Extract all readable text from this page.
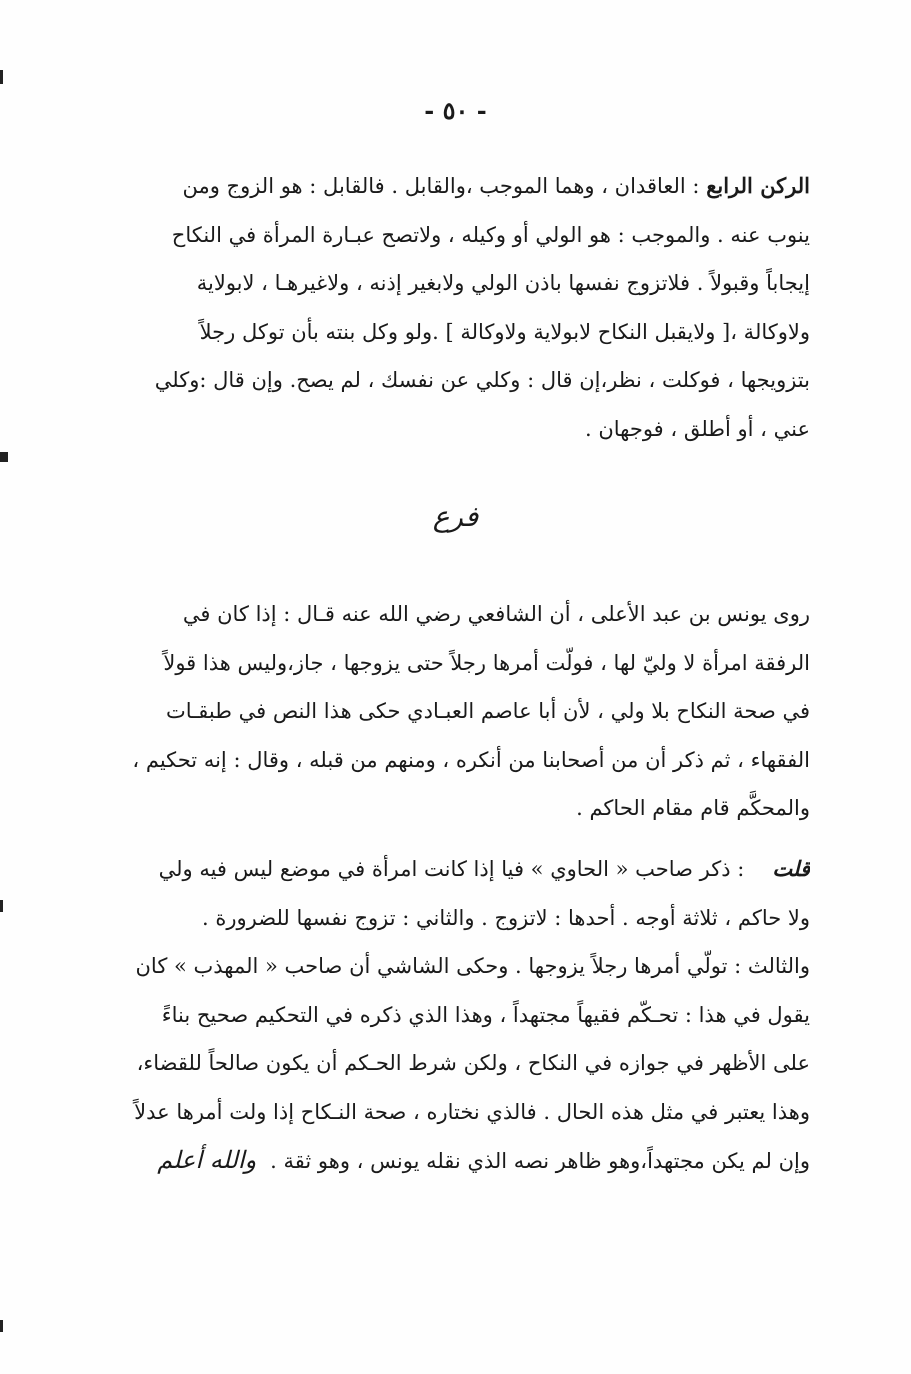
- ٥٠ -
الركن الرابع : العاقدان ، وهما الموجب ،والقابل . فالقابل : هو الزوج ومن
ينوب عنه . والموجب : هو الولي أو وكيله ، ولاتصح عبـارة المرأة في النكاح
إيجاباً وقبولاً . فلاتزوج نفسها باذن الولي ولابغير إذنه ، ولاغيرهـا ، لابولاية
ولاوكالة ،[ ولايقبل النكاح لابولاية ولاوكالة ] .ولو وكل بنته بأن توكل رجلاً
بتزويجها ، فوكلت ، نظر،إن قال : وكلي عن نفسك ، لم يصح. وإن قال :وكلي
عني ، أو أطلق ، فوجهان .
فرع
روى يونس بن عبد الأعلى ، أن الشافعي رضي الله عنه قـال : إذا كان في
الرفقة امرأة لا وليّ لها ، فولّت أمرها رجلاً حتى يزوجها ، جاز،وليس هذا قولاً
في صحة النكاح بلا ولي ، لأن أبا عاصم العبـادي حكى هذا النص في طبقـات
الفقهاء ، ثم ذكر أن من أصحابنا من أنكره ، ومنهم من قبله ، وقال : إنه تحكيم ،
والمحكَّم قام مقام الحاكم .
قلت: ذكر صاحب « الحاوي » فيا إذا كانت امرأة في موضع ليس فيه ولي
ولا حاكم ، ثلاثة أوجه . أحدها : لاتزوج . والثاني : تزوج نفسها للضرورة .
والثالث : تولّي أمرها رجلاً يزوجها . وحكى الشاشي أن صاحب « المهذب » كان
يقول في هذا : تحـكّم فقيهاً مجتهداً ، وهذا الذي ذكره في التحكيم صحيح بناءً
على الأظهر في جوازه في النكاح ، ولكن شرط الحـكم أن يكون صالحاً للقضاء،
وهذا يعتبر في مثل هذه الحال . فالذي نختاره ، صحة النـكاح إذا ولت أمرها عدلاً
وإن لم يكن مجتهداً،وهو ظاهر نصه الذي نقله يونس ، وهو ثقة .والله أعلم
